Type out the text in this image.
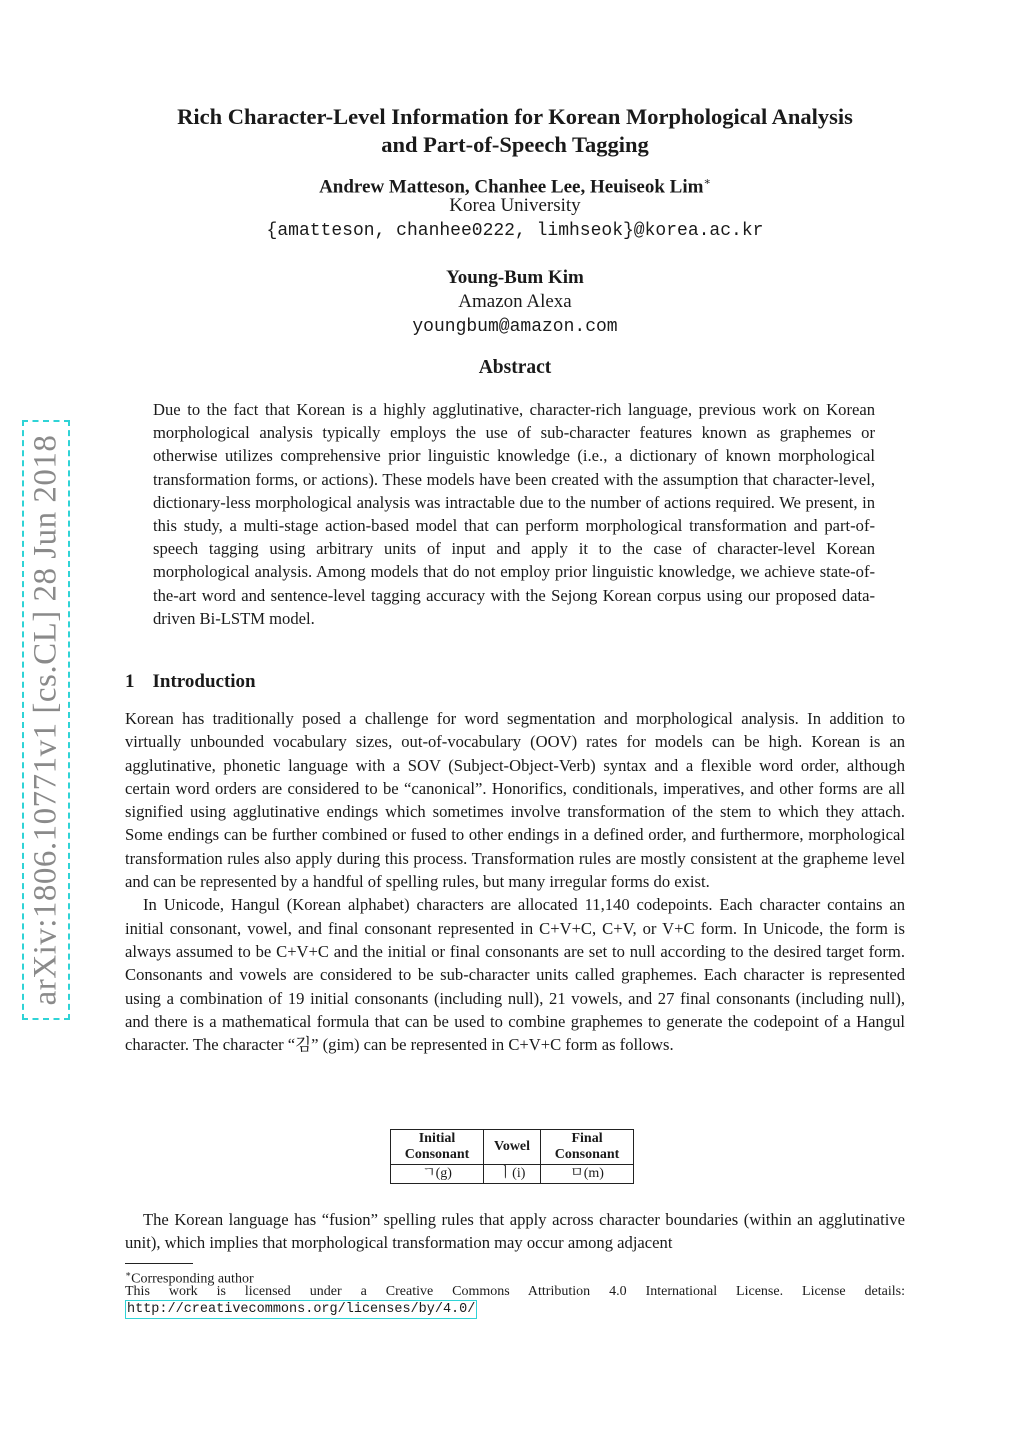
arXiv:1806.10771v1 [cs.CL] 28 Jun 2018
Rich Character-Level Information for Korean Morphological Analysis
and Part-of-Speech Tagging
Andrew Matteson, Chanhee Lee, Heuiseok Lim∗
Korea University
{amatteson, chanhee0222, limhseok}@korea.ac.kr
Young-Bum Kim
Amazon Alexa
youngbum@amazon.com
Abstract
Due to the fact that Korean is a highly agglutinative, character-rich language, previous work on Korean morphological analysis typically employs the use of sub-character features known as graphemes or otherwise utilizes comprehensive prior linguistic knowledge (i.e., a dictionary of known morphological transformation forms, or actions). These models have been created with the assumption that character-level, dictionary-less morphological analysis was intractable due to the number of actions required. We present, in this study, a multi-stage action-based model that can perform morphological transformation and part-of-speech tagging using arbitrary units of input and apply it to the case of character-level Korean morphological analysis. Among models that do not employ prior linguistic knowledge, we achieve state-of-the-art word and sentence-level tagging accuracy with the Sejong Korean corpus using our proposed data-driven Bi-LSTM model.
1 Introduction

Korean has traditionally posed a challenge for word segmentation and morphological analysis. In addition to virtually unbounded vocabulary sizes, out-of-vocabulary (OOV) rates for models can be high. Korean is an agglutinative, phonetic language with a SOV (Subject-Object-Verb) syntax and a flexible word order, although certain word orders are considered to be “canonical”. Honorifics, conditionals, imperatives, and other forms are all signified using agglutinative endings which sometimes involve transformation of the stem to which they attach. Some endings can be further combined or fused to other endings in a defined order, and furthermore, morphological transformation rules also apply during this process. Transformation rules are mostly consistent at the grapheme level and can be represented by a handful of spelling rules, but many irregular forms do exist.

In Unicode, Hangul (Korean alphabet) characters are allocated 11,140 codepoints. Each character contains an initial consonant, vowel, and final consonant represented in C+V+C, C+V, or V+C form. In Unicode, the form is always assumed to be C+V+C and the initial or final consonants are set to null according to the desired target form. Consonants and vowels are considered to be sub-character units called graphemes. Each character is represented using a combination of 19 initial consonants (including null), 21 vowels, and 27 final consonants (including null), and there is a mathematical formula that can be used to combine graphemes to generate the codepoint of a Hangul character. The character “김” (gim) can be represented in C+V+C form as follows.

Initial Consonant	Vowel	Final Consonant
ㄱ(g)	ㅣ(i)	ㅁ(m)
The Korean language has “fusion” spelling rules that apply across character boundaries (within an agglutinative unit), which implies that morphological transformation may occur among adjacent
∗Corresponding author
This work is licensed under a Creative Commons Attribution 4.0 International License. License details:
http://creativecommons.org/licenses/by/4.0/
